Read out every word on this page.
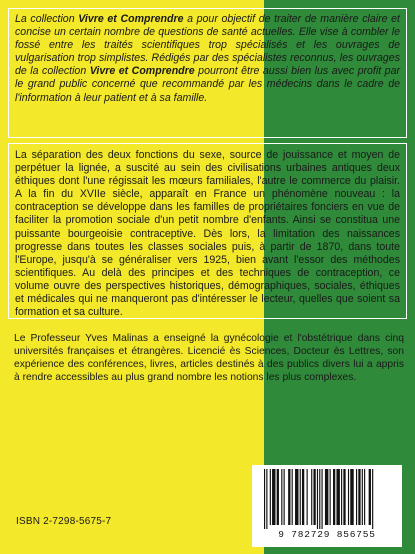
La collection Vivre et Comprendre a pour objectif de traiter de manière claire et concise un certain nombre de questions de santé actuelles. Elle vise à combler le fossé entre les traités scientifiques trop spécialisés et les ouvrages de vulgarisation trop simplistes. Rédigés par des spécialistes reconnus, les ouvrages de la collection Vivre et Comprendre pourront être aussi bien lus avec profit par le grand public concerné que recommandé par les médecins dans le cadre de l'information à leur patient et à sa famille.

La séparation des deux fonctions du sexe, source de jouissance et moyen de perpétuer la lignée, a suscité au sein des civilisations urbaines antiques deux éthiques dont l'une régissait les mœurs familiales, l'autre le commerce du plaisir. A la fin du XVIIe siècle, apparaît en France un phénomène nouveau : la contraception se développe dans les familles de propriétaires fonciers en vue de faciliter la promotion sociale d'un petit nombre d'enfants. Ainsi se constitua une puissante bourgeoisie contraceptive. Dès lors, la limitation des naissances progresse dans toutes les classes sociales puis, à partir de 1870, dans toute l'Europe, jusqu'à se généraliser vers 1925, bien avant l'essor des méthodes scientifiques. Au delà des principes et des techniques de contraception, ce volume ouvre des perspectives historiques, démographiques, sociales, éthiques et médicales qui ne manqueront pas d'intéresser le lecteur, quelles que soient sa formation et sa culture.

Le Professeur Yves Malinas a enseigné la gynécologie et l'obstétrique dans cinq universités françaises et étrangères. Licencié ès Sciences, Docteur ès Lettres, son expérience des conférences, livres, articles destinés à des publics divers lui a appris à rendre accessibles au plus grand nombre les notions les plus complexes.

ISBN 2-7298-5675-7
9 782729 856755
